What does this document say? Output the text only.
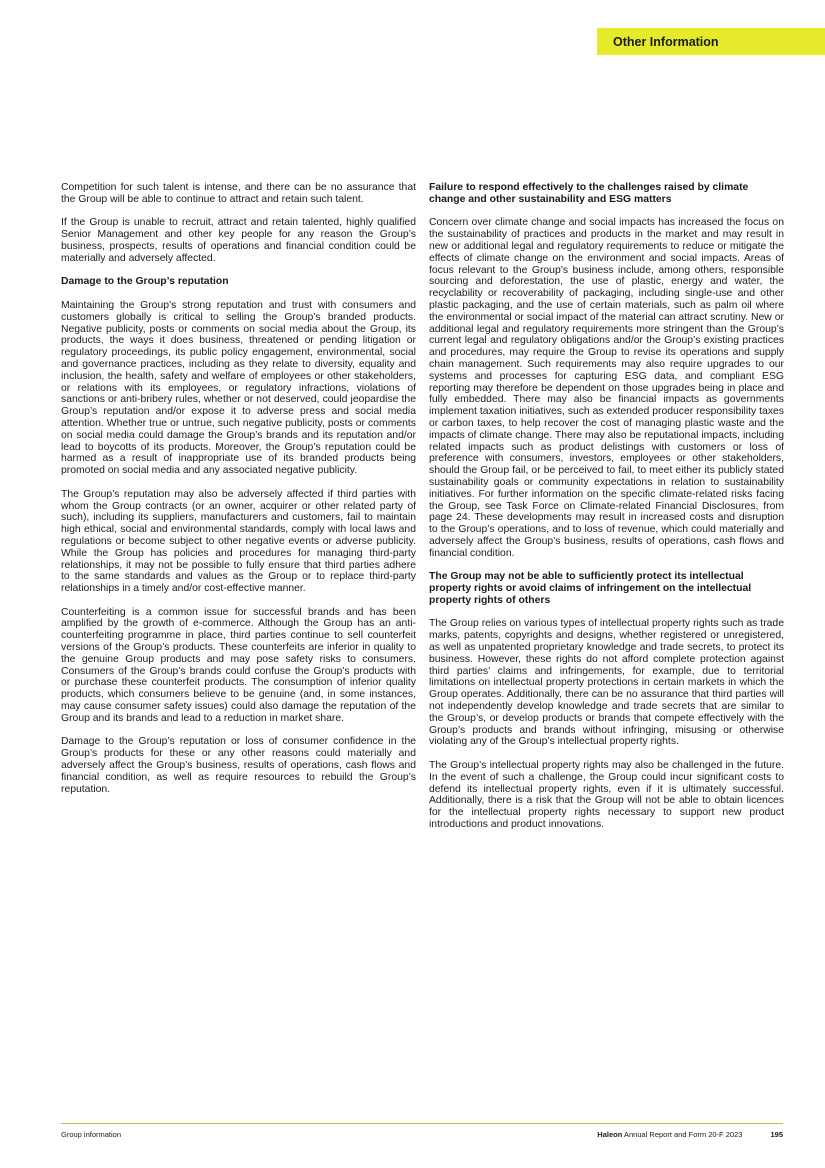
Other Information

Competition for such talent is intense, and there can be no assurance that the Group will be able to continue to attract and retain such talent.

If the Group is unable to recruit, attract and retain talented, highly qualified Senior Management and other key people for any reason the Group’s business, prospects, results of operations and financial condition could be materially and adversely affected.

Damage to the Group’s reputation

Maintaining the Group’s strong reputation and trust with consumers and customers globally is critical to selling the Group’s branded products. Negative publicity, posts or comments on social media about the Group, its products, the ways it does business, threatened or pending litigation or regulatory proceedings, its public policy engagement, environmental, social and governance practices, including as they relate to diversity, equality and inclusion, the health, safety and welfare of employees or other stakeholders, or relations with its employees, or regulatory infractions, violations of sanctions or anti-bribery rules, whether or not deserved, could jeopardise the Group’s reputation and/or expose it to adverse press and social media attention. Whether true or untrue, such negative publicity, posts or comments on social media could damage the Group’s brands and its reputation and/or lead to boycotts of its products. Moreover, the Group’s reputation could be harmed as a result of inappropriate use of its branded products being promoted on social media and any associated negative publicity.

The Group’s reputation may also be adversely affected if third parties with whom the Group contracts (or an owner, acquirer or other related party of such), including its suppliers, manufacturers and customers, fail to maintain high ethical, social and environmental standards, comply with local laws and regulations or become subject to other negative events or adverse publicity. While the Group has policies and procedures for managing third-party relationships, it may not be possible to fully ensure that third parties adhere to the same standards and values as the Group or to replace third-party relationships in a timely and/or cost-effective manner.

Counterfeiting is a common issue for successful brands and has been amplified by the growth of e-commerce. Although the Group has an anti-counterfeiting programme in place, third parties continue to sell counterfeit versions of the Group’s products. These counterfeits are inferior in quality to the genuine Group products and may pose safety risks to consumers. Consumers of the Group’s brands could confuse the Group’s products with or purchase these counterfeit products. The consumption of inferior quality products, which consumers believe to be genuine (and, in some instances, may cause consumer safety issues) could also damage the reputation of the Group and its brands and lead to a reduction in market share.

Damage to the Group’s reputation or loss of consumer confidence in the Group’s products for these or any other reasons could materially and adversely affect the Group’s business, results of operations, cash flows and financial condition, as well as require resources to rebuild the Group’s reputation.

Failure to respond effectively to the challenges raised by climate change and other sustainability and ESG matters

Concern over climate change and social impacts has increased the focus on the sustainability of practices and products in the market and may result in new or additional legal and regulatory requirements to reduce or mitigate the effects of climate change on the environment and social impacts. Areas of focus relevant to the Group’s business include, among others, responsible sourcing and deforestation, the use of plastic, energy and water, the recyclability or recoverability of packaging, including single-use and other plastic packaging, and the use of certain materials, such as palm oil where the environmental or social impact of the material can attract scrutiny. New or additional legal and regulatory requirements more stringent than the Group’s current legal and regulatory obligations and/or the Group’s existing practices and procedures, may require the Group to revise its operations and supply chain management. Such requirements may also require upgrades to our systems and processes for capturing ESG data, and compliant ESG reporting may therefore be dependent on those upgrades being in place and fully embedded. There may also be financial impacts as governments implement taxation initiatives, such as extended producer responsibility taxes or carbon taxes, to help recover the cost of managing plastic waste and the impacts of climate change. There may also be reputational impacts, including related impacts such as product delistings with customers or loss of preference with consumers, investors, employees or other stakeholders, should the Group fail, or be perceived to fail, to meet either its publicly stated sustainability goals or community expectations in relation to sustainability initiatives. For further information on the specific climate-related risks facing the Group, see Task Force on Climate-related Financial Disclosures, from page 24. These developments may result in increased costs and disruption to the Group’s operations, and to loss of revenue, which could materially and adversely affect the Group’s business, results of operations, cash flows and financial condition.

The Group may not be able to sufficiently protect its intellectual property rights or avoid claims of infringement on the intellectual property rights of others

The Group relies on various types of intellectual property rights such as trade marks, patents, copyrights and designs, whether registered or unregistered, as well as unpatented proprietary knowledge and trade secrets, to protect its business. However, these rights do not afford complete protection against third parties’ claims and infringements, for example, due to territorial limitations on intellectual property protections in certain markets in which the Group operates. Additionally, there can be no assurance that third parties will not independently develop knowledge and trade secrets that are similar to the Group’s, or develop products or brands that compete effectively with the Group’s products and brands without infringing, misusing or otherwise violating any of the Group’s intellectual property rights.

The Group’s intellectual property rights may also be challenged in the future. In the event of such a challenge, the Group could incur significant costs to defend its intellectual property rights, even if it is ultimately successful. Additionally, there is a risk that the Group will not be able to obtain licences for the intellectual property rights necessary to support new product introductions and product innovations.

Group information	Haleon Annual Report and Form 20-F 2023	195
